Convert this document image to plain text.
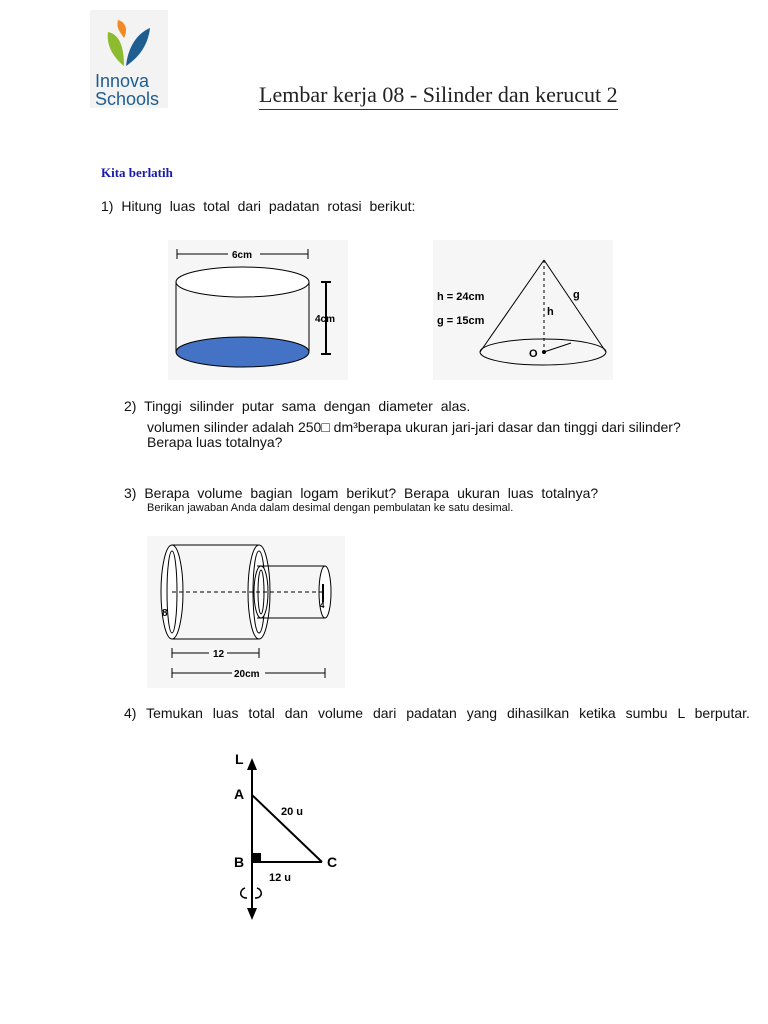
Innova
Schools	Lembar kerja 08 - Silinder dan kerucut 2
Kita berlatih
1) Hitung luas total dari padatan rotasi berikut:
6cm
4cm
h = 24cm
g = 15cm
h
g
O
2) Tinggi silinder putar sama dengan diameter alas.
volumen silinder adalah 250□ dm³berapa ukuran jari-jari dasar dan tinggi dari silinder? Berapa luas totalnya?
3) Berapa volume bagian logam berikut? Berapa ukuran luas totalnya?
Berikan jawaban Anda dalam desimal dengan pembulatan ke satu desimal.
8
4
12
20cm
4) Temukan luas total dan volume dari padatan yang dihasilkan ketika sumbu L berputar.
L
A
B	C
20 u
12 u
